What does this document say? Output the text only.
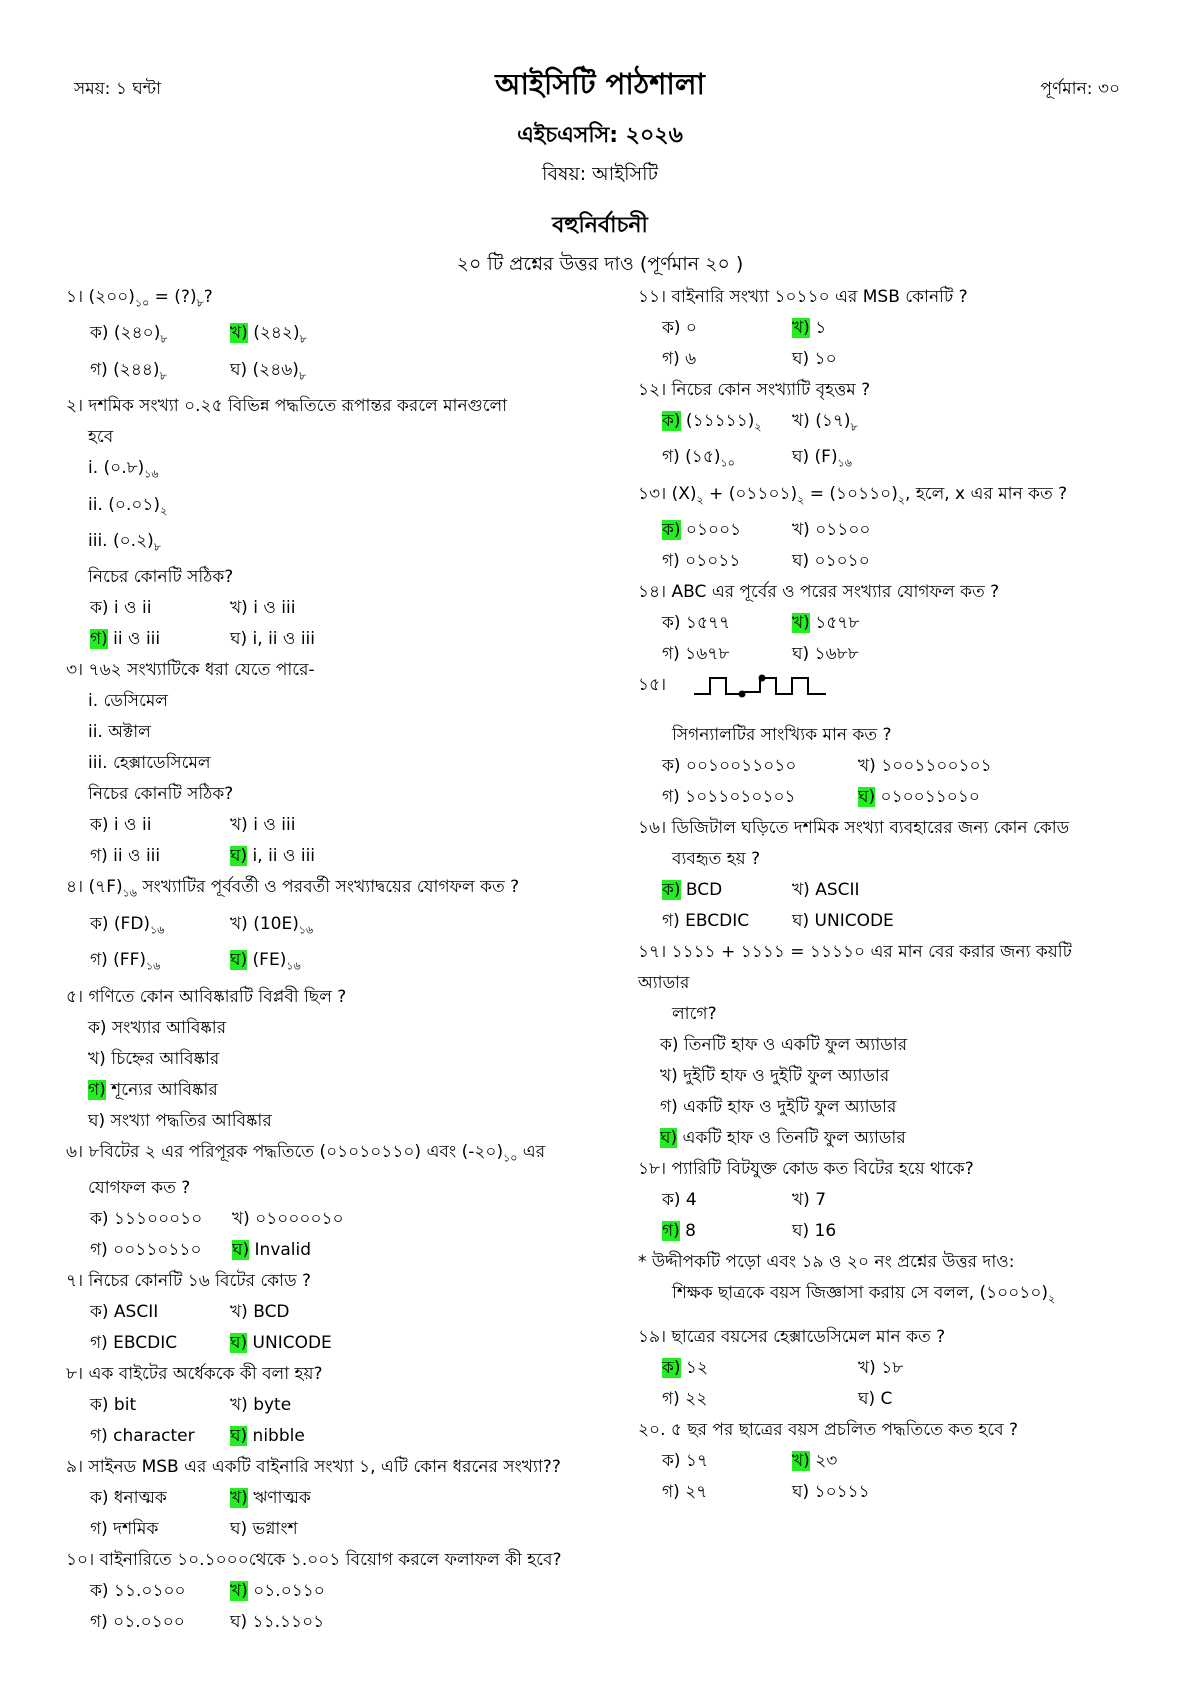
সময়: ১ ঘন্টা	পূর্ণমান: ৩০
আইসিটি পাঠশালা
এইচএসসি: ২০২৬
বিষয়: আইসিটি
বহুনির্বাচনী
২০ টি প্রশ্নের উত্তর দাও (পূর্ণমান ২০ )
১। $(২০০)_{১০}$ = $(?)_৮$?
ক) $(২৪০)_৮$	খ) $(২৪২)_৮$
গ) $(২৪৪)_৮$	ঘ) $(২৪৬)_৮$
২। দশমিক সংখ্যা ০.২৫ বিভিন্ন পদ্ধতিতে রূপান্তর করলে মানগুলো
হবে
i. $(০.৮)_{১৬}$
ii. $(০.০১)_২$
iii. $(০.২)_৮$
নিচের কোনটি সঠিক?
ক) i ও ii	খ) i ও iii
গ) ii ও iii	ঘ) i, ii ও iii
৩। ৭৬২ সংখ্যাটিকে ধরা যেতে পারে-
i. ডেসিমেল
ii. অক্টাল
iii. হেক্সাডেসিমেল
নিচের কোনটি সঠিক?
ক) i ও ii	খ) i ও iii
গ) ii ও iii	ঘ) i, ii ও iii
৪। $(৭F)_{১৬}$ সংখ্যাটির পূর্ববর্তী ও পরবর্তী সংখ্যাদ্বয়ের যোগফল কত ?
ক) $(FD)_{১৬}$	খ) $(10E)_{১৬}$
গ) $(FF)_{১৬}$	ঘ) $(FE)_{১৬}$
৫। গণিতে কোন আবিষ্কারটি বিপ্লবী ছিল ?
ক) সংখ্যার আবিষ্কার
খ) চিহ্নের আবিষ্কার
গ) শূন্যের আবিষ্কার
ঘ) সংখ্যা পদ্ধতির আবিষ্কার
৬। ৮বিটের ২ এর পরিপূরক পদ্ধতিতে (০১০১০১১০) এবং $(-২০)_{১০}$ এর
যোগফল কত ?
ক) ১১১০০০১০	খ) ০১০০০০১০
গ) ০০১১০১১০	ঘ) Invalid
৭। নিচের কোনটি ১৬ বিটের কোড ?
ক) ASCII	খ) BCD
গ) EBCDIC	ঘ) UNICODE
৮। এক বাইটের অর্ধেককে কী বলা হয়?
ক) bit	খ) byte
গ) character	ঘ) nibble
৯। সাইনড MSB এর একটি বাইনারি সংখ্যা ১, এটি কোন ধরনের সংখ্যা??
ক) ধনাত্মক	খ) ঋণাত্মক
গ) দশমিক	ঘ) ভগ্নাংশ
১০। বাইনারিতে ১০.১০০০থেকে ১.০০১ বিয়োগ করলে ফলাফল কী হবে?
ক) ১১.০১০০	খ) ০১.০১১০
গ) ০১.০১০০	ঘ) ১১.১১০১
১১। বাইনারি সংখ্যা ১০১১০ এর MSB কোনটি ?
ক) ০	খ) ১
গ) ৬	ঘ) ১০
১২। নিচের কোন সংখ্যাটি বৃহত্তম ?
ক) $(১১১১১)_২$	খ) $(১৭)_৮$
গ) $(১৫)_{১০}$	ঘ) $(F)_{১৬}$
১৩। $(X)_২$ + $(০১১০১)_২$ = $(১০১১০)_২$, হলে, x এর মান কত ?
ক) ০১০০১	খ) ০১১০০
গ) ০১০১১	ঘ) ০১০১০
১৪। ABC এর পূর্বের ও পরের সংখ্যার যোগফল কত ?
ক) ১৫৭৭	খ) ১৫৭৮
গ) ১৬৭৮	ঘ) ১৬৮৮
১৫।
সিগন্যালটির সাংখ্যিক মান কত ?
ক) ০০১০০১১০১০	খ) ১০০১১০০১০১
গ) ১০১১০১০১০১	ঘ) ০১০০১১০১০
১৬। ডিজিটাল ঘড়িতে দশমিক সংখ্যা ব্যবহারের জন্য কোন কোড
ব্যবহৃত হয় ?
ক) BCD	খ) ASCII
গ) EBCDIC	ঘ) UNICODE
১৭। ১১১১ + ১১১১ = ১১১১০ এর মান বের করার জন্য কয়টি
অ্যাডার
লাগে?
ক) তিনটি হাফ ও একটি ফুল অ্যাডার
খ) দুইটি হাফ ও দুইটি ফুল অ্যাডার
গ) একটি হাফ ও দুইটি ফুল অ্যাডার
ঘ) একটি হাফ ও তিনটি ফুল অ্যাডার
১৮। প্যারিটি বিটযুক্ত কোড কত বিটের হয়ে থাকে?
ক) 4	খ) 7
গ) 8	ঘ) 16
* উদ্দীপকটি পড়ো এবং ১৯ ও ২০ নং প্রশ্নের উত্তর দাও:
শিক্ষক ছাত্রকে বয়স জিজ্ঞাসা করায় সে বলল, $(১০০১০)_২$
১৯। ছাত্রের বয়সের হেক্সাডেসিমেল মান কত ?
ক) ১২	খ) ১৮
গ) ২২	ঘ) C
২০. ৫ ছর পর ছাত্রের বয়স প্রচলিত পদ্ধতিতে কত হবে ?
ক) ১৭	খ) ২৩
গ) ২৭	ঘ) ১০১১১
